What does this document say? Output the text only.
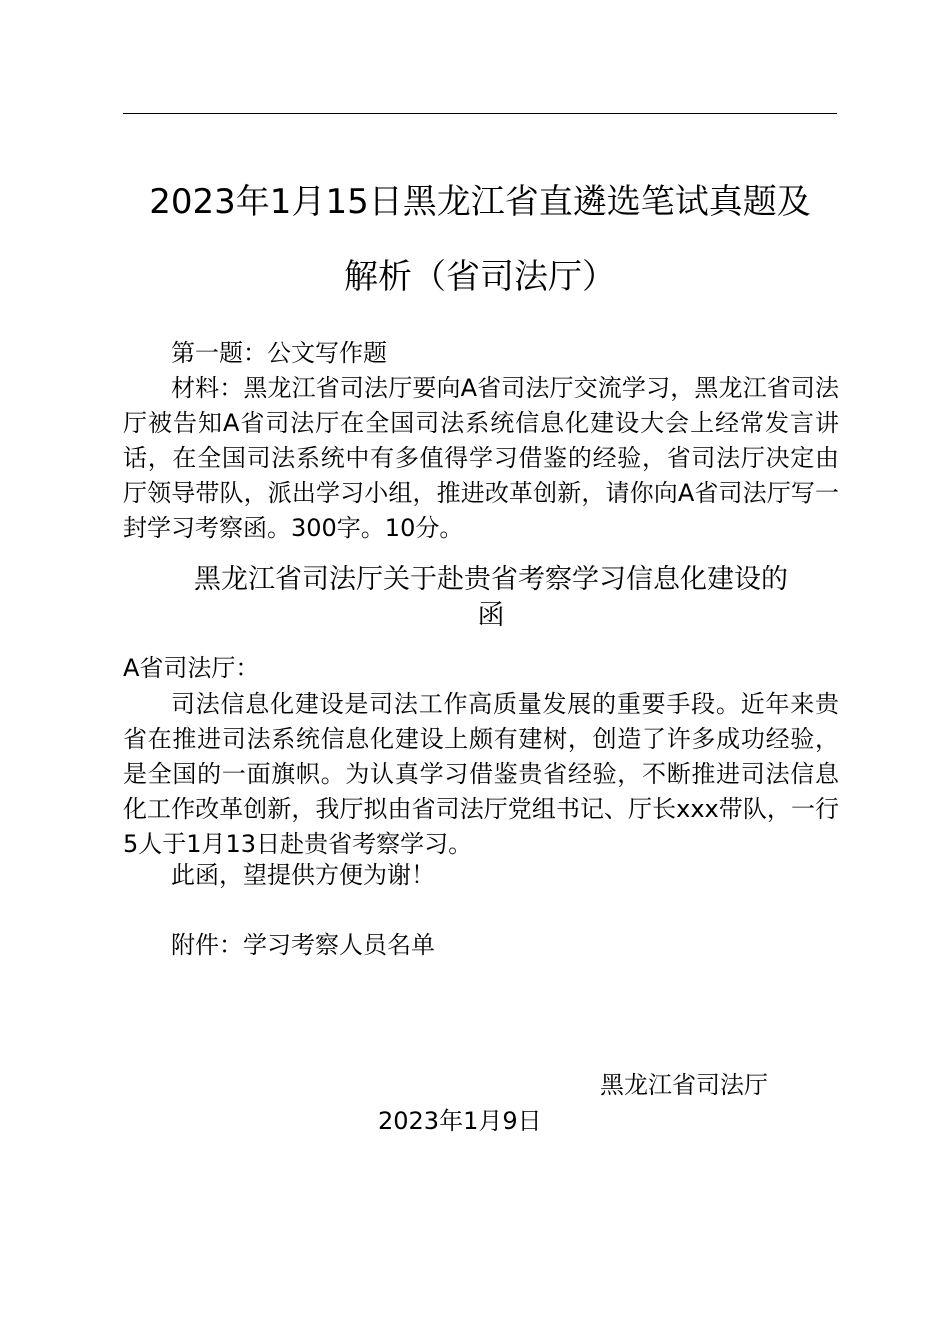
2023年1月15日黑龙江省直遴选笔试真题及
解析（省司法厅）

第一题：公文写作题

材料：黑龙江省司法厅要向A省司法厅交流学习，黑龙江省司法厅被告知A省司法厅在全国司法系统信息化建设大会上经常发言讲话，在全国司法系统中有多值得学习借鉴的经验，省司法厅决定由厅领导带队，派出学习小组，推进改革创新，请你向A省司法厅写一封学习考察函。300字。10分。

黑龙江省司法厅关于赴贵省考察学习信息化建设的
函

A省司法厅：

司法信息化建设是司法工作高质量发展的重要手段。近年来贵省在推进司法系统信息化建设上颇有建树，创造了许多成功经验，是全国的一面旗帜。为认真学习借鉴贵省经验，不断推进司法信息化工作改革创新，我厅拟由省司法厅党组书记、厅长xxx带队，一行5人于1月13日赴贵省考察学习。

此函，望提供方便为谢！

附件：学习考察人员名单

黑龙江省司法厅
2023年1月9日
